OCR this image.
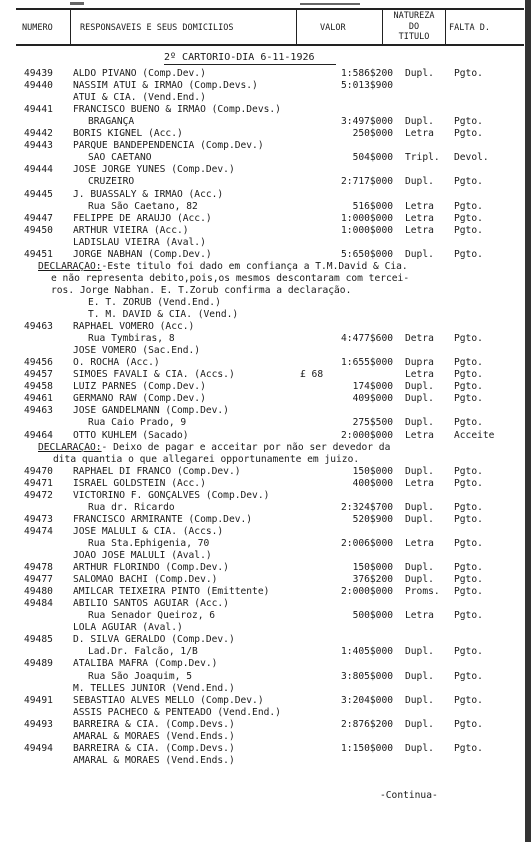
NUMERO	RESPONSAVEIS E SEUS DOMICILIOS	VALOR
NATUREZA
DO
TITULO
FALTA D.
2º CARTORIO-DIA 6-11-1926
49439	ALDO PIVANO (Comp.Dev.)	1:586$200 Dupl.	Pgto.
49440	NASSIM ATUI & IRMÃO (Comp.Devs.)	5:013$900
ATUI & CIA. (Vend.End.)
49441	FRANCISCO BUENO & IRMÃO (Comp.Devs.)
BRAGANÇA	3:497$000 Dupl.	Pgto.
49442	BORIS KIGNEL (Acc.)	250$000 Letra	Pgto.
49443	PARQUE BANDEPENDENCIA (Comp.Dev.)
SÃO CAETANO	504$000 Tripl.	Devol.
49444	JOSÉ JORGE YUNES (Comp.Dev.)
CRUZEIRO	2:717$000 Dupl.	Pgto.
49445	J. BUASSALY & IRMÃO (Acc.)
Rua São Caetano, 82	516$000 Letra	Pgto.
49447	FELIPPE DE ARAUJO (Acc.)	1:000$000 Letra	Pgto.
49450	ARTHUR VIEIRA (Acc.)	1:000$000 Letra	Pgto.
LADISLAU VIEIRA (Aval.)
49451	JORGE NABHAN (Comp.Dev.)	5:650$000 Dupl.	Pgto.
DECLARAÇÃO:-Este titulo foi dado em confiança a T.M.David & Cia.
e não representa debito,pois,os mesmos descontaram com tercei-
ros. Jorge Nabhan. E. T.Zorub confirma a declaração.
E. T. ZORUB (Vend.End.)
T. M. DAVID & CIA. (Vend.)
49463	RAPHAEL VOMERO (Acc.)
Rua Tymbiras, 8	4:477$600 Detra	Pgto.
JOSÉ VOMERO (Sac.End.)
49456	O. ROCHA (Acc.)	1:655$000 Dupra	Pgto.
49457	SIMÕES FAVALI & CIA. (Accs.)	£ 68	Letra	Pgto.
49458	LUIZ PARNES (Comp.Dev.)	174$000 Dupl.	Pgto.
49461	GERMANO RAW (Comp.Dev.)	409$000 Dupl.	Pgto.
49463	JOSÉ GANDELMANN (Comp.Dev.)
Rua Caio Prado, 9	275$500 Dupl.	Pgto.
49464	OTTO KUHLEM (Sacado)	2:000$000 Letra	Acceite
DECLARAÇÃO:- Deixo de pagar e acceitar por não ser devedor da
dita quantia o que allegarei opportunamente em juizo.
49470	RAPHAEL DI FRANCO (Comp.Dev.)	150$000 Dupl.	Pgto.
49471	ISRAEL GOLDSTEIN (Acc.)	400$000 Letra	Pgto.
49472	VICTORINO F. GONÇALVES (Comp.Dev.)
Rua dr. Ricardo	2:324$700 Dupl.	Pgto.
49473	FRANCISCO ARMIRANTE (Comp.Dev.)	520$900 Dupl.	Pgto.
49474	JOSÉ MALULI & CIA. (Accs.)
Rua Sta.Ephigenia, 70	2:006$000 Letra	Pgto.
JOÃO JOSÉ MALULI (Aval.)
49478	ARTHUR FLORINDO (Comp.Dev.)	150$000 Dupl.	Pgto.
49477	SALOMÃO BACHI (Comp.Dev.)	376$200 Dupl.	Pgto.
49480	AMILCAR TEIXEIRA PINTO (Emittente)	2:000$000 Proms.	Pgto.
49484	ABILIO SANTOS AGUIAR (Acc.)
Rua Senador Queiroz, 6	500$000 Letra	Pgto.
LOLA AGUIAR (Aval.)
49485	D. SILVA GERALDO (Comp.Dev.)
Lad.Dr. Falcão, 1/B	1:405$000 Dupl.	Pgto.
49489	ATALIBA MAFRA (Comp.Dev.)
Rua São Joaquim, 5	3:805$000 Dupl.	Pgto.
M. TELLES JUNIOR (Vend.End.)
49491	SEBASTIÃO ALVES MELLO (Comp.Dev.)	3:204$000 Dupl.	Pgto.
ASSIS PACHECO & PENTEADO (Vend.End.)
49493	BARREIRA & CIA. (Comp.Devs.)	2:876$200 Dupl.	Pgto.
AMARAL & MORAES (Vend.Ends.)
49494	BARREIRA & CIA. (Comp.Devs.)	1:150$000 Dupl.	Pgto.
AMARAL & MORAES (Vend.Ends.)
-Continua-
